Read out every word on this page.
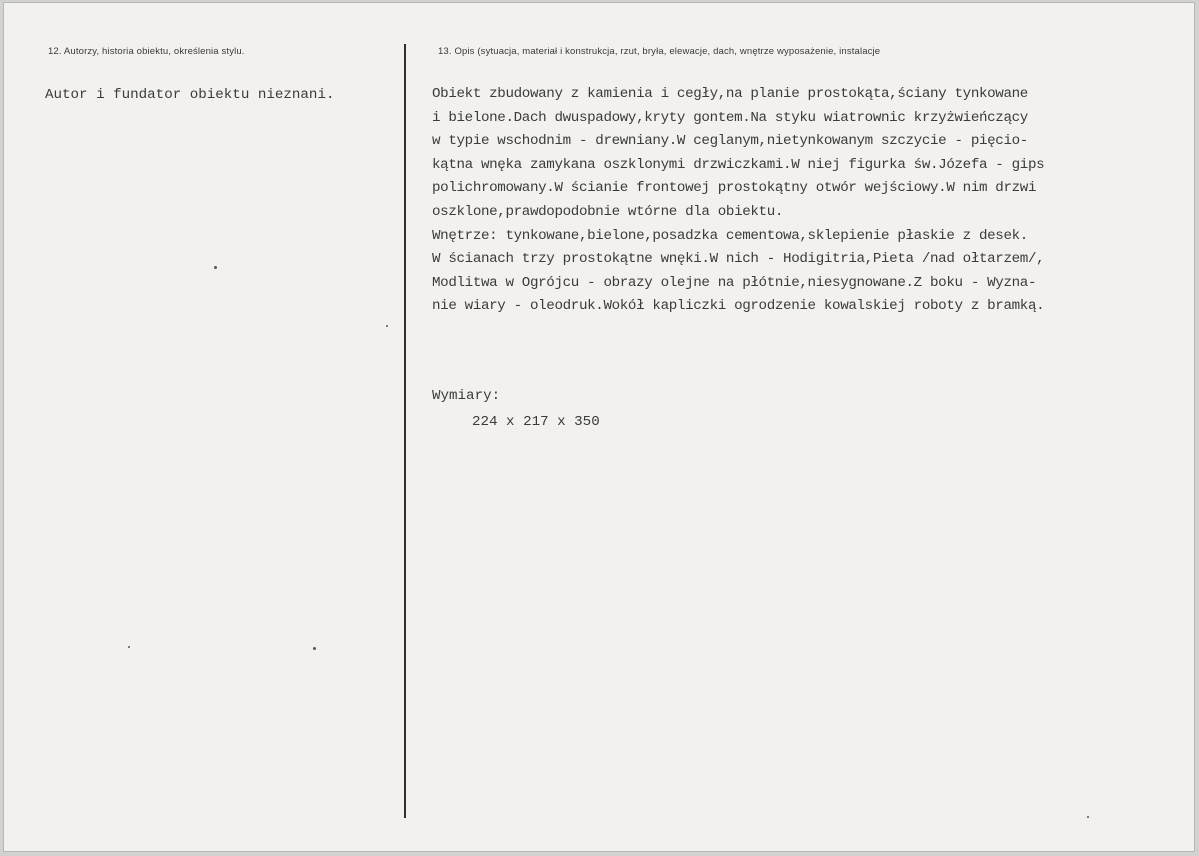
12. Autorzy, historia obiektu, określenia stylu.	13. Opis (sytuacja, materiał i konstrukcja, rzut, bryła, elewacje, dach, wnętrze wyposażenie, instalacje
Autor i fundator obiektu nieznani.	Obiekt zbudowany z kamienia i cegły,na planie prostokąta,ściany tynkowane
i bielone.Dach dwuspadowy,kryty gontem.Na styku wiatrownic krzyżwieńczący
w typie wschodnim - drewniany.W ceglanym,nietynkowanym szczycie - pięcio-
kątna wnęka zamykana oszklonymi drzwiczkami.W niej figurka św.Józefa - gips
polichromowany.W ścianie frontowej prostokątny otwór wejściowy.W nim drzwi
oszklone,prawdopodobnie wtórne dla obiektu.
Wnętrze: tynkowane,bielone,posadzka cementowa,sklepienie płaskie z desek.
W ścianach trzy prostokątne wnęki.W nich - Hodigitria,Pieta /nad ołtarzem/,
Modlitwa w Ogrójcu - obrazy olejne na płótnie,niesygnowane.Z boku - Wyzna-
nie wiary - oleodruk.Wokół kapliczki ogrodzenie kowalskiej roboty z bramką.
Wymiary:
224 x 217 x 350
